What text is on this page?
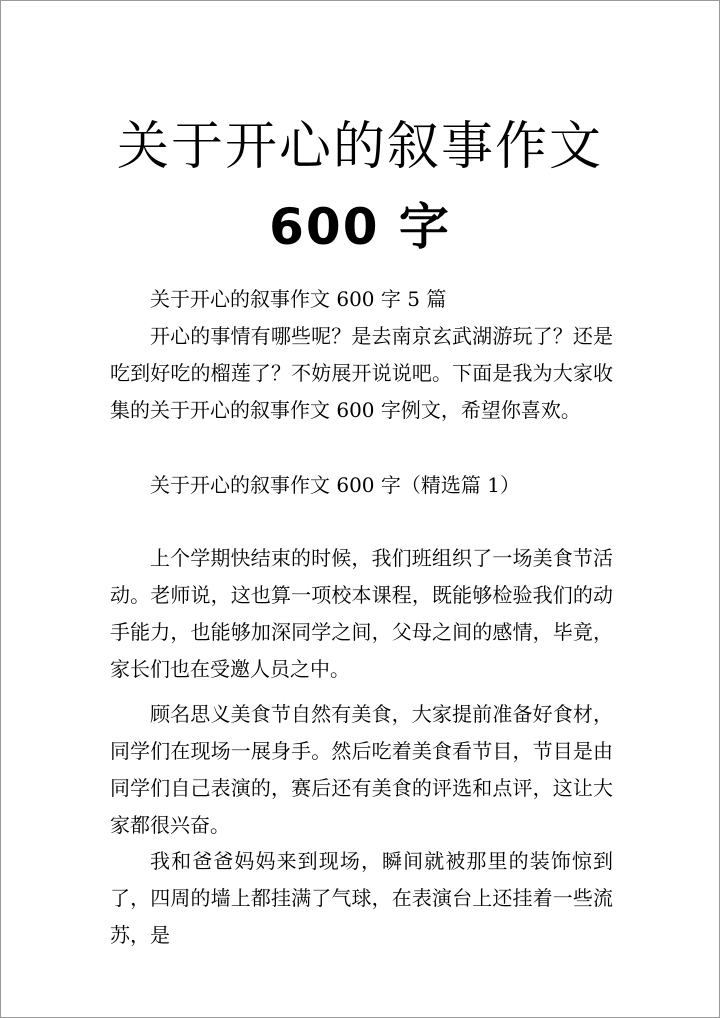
关于开心的叙事作文
600 字

关于开心的叙事作文 600 字 5 篇

开心的事情有哪些呢？是去南京玄武湖游玩了？还是吃到好吃的榴莲了？不妨展开说说吧。下面是我为大家收集的关于开心的叙事作文 600 字例文，希望你喜欢。

关于开心的叙事作文 600 字（精选篇 1）

上个学期快结束的时候，我们班组织了一场美食节活动。老师说，这也算一项校本课程，既能够检验我们的动手能力，也能够加深同学之间，父母之间的感情，毕竟，家长们也在受邀人员之中。

顾名思义美食节自然有美食，大家提前准备好食材，同学们在现场一展身手。然后吃着美食看节目，节目是由同学们自己表演的，赛后还有美食的评选和点评，这让大家都很兴奋。

我和爸爸妈妈来到现场，瞬间就被那里的装饰惊到了，四周的墙上都挂满了气球，在表演台上还挂着一些流苏，是
